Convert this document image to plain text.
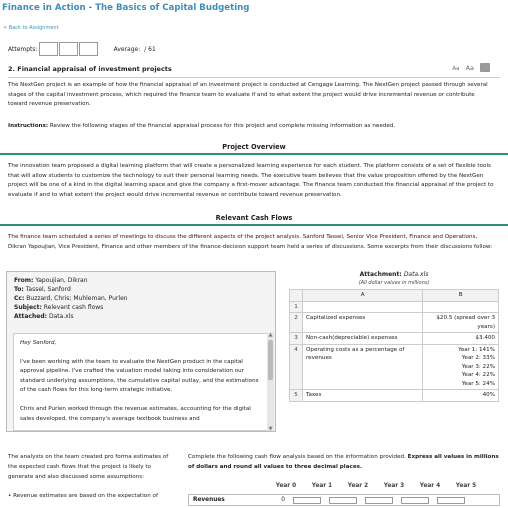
Finance in Action - The Basics of Capital Budgeting
< Back to Assignment
Attempts:	Average: / 61
2. Financial appraisal of investment projects	Aa Aa
The NextGen project is an example of how the financial appraisal of an investment project is conducted at Cengage Learning. The NextGen project passed through several stages of the capital investment process, which required the finance team to evaluate if and to what extent the project would drive incremental revenue or contribute toward revenue preservation.
Instructions: Review the following stages of the financial appraisal process for this project and complete missing information as needed.
Project Overview
The innovation team proposed a digital learning platform that will create a personalized learning experience for each student. The platform consists of a set of flexible tools that will allow students to customize the technology to suit their personal learning needs. The executive team believes that the value proposition offered by the NextGen project will be one of a kind in the digital learning space and give the company a first-mover advantage. The finance team conducted the financial appraisal of the project to evaluate if and to what extent the project would drive incremental revenue or contribute toward revenue preservation.
Relevant Cash Flows
The finance team scheduled a series of meetings to discuss the different aspects of the project analysis. Sanford Tassel, Senior Vice President, Finance and Operations, Dikran Yapoujian, Vice President, Finance and other members of the finance-decision support team held a series of discussions. Some excerpts from their discussions follow:
From: Yapoujian, Dikran
To: Tassel, Sanford
Cc: Buzzard, Chris; Muhleman, Purlen
Subject: Relevant cash flows
Attached: Data.xls

Hey Sanford,

I've been working with the team to evaluate the NextGen product in the capital approval pipeline. I've crafted the valuation model taking into consideration our standard underlying assumptions, the cumulative capital outlay, and the estimations of the cash flows for this long-term strategic initiative.

Chris and Purlen worked through the revenue estimates, accounting for the digital sales developed, the company's average textbook business and

▲
▼
Attachment: Data.xls
(All dollar values in millions)
	A	B
1		
2	Capitalized expenses	$20.5 (spread over 3 years)
3	Non-cash(depreciable) expenses	$3.400
4	Operating costs as a percentage of revenues	Year 1: 141%
Year 2: 33%
Year 3: 22%
Year 4: 22%
Year 5: 24%
5	Taxes	40%
The analysts on the team created pro forma estimates of the expected cash flows that the project is likely to generate and also discussed some assumptions:
• Revenue estimates are based on the expectation of
Complete the following cash flow analysis based on the information provided. Express all values in millions of dollars and round all values to three decimal places.
Year 0	Year 1	Year 2	Year 3	Year 4	Year 5
Revenues	0
